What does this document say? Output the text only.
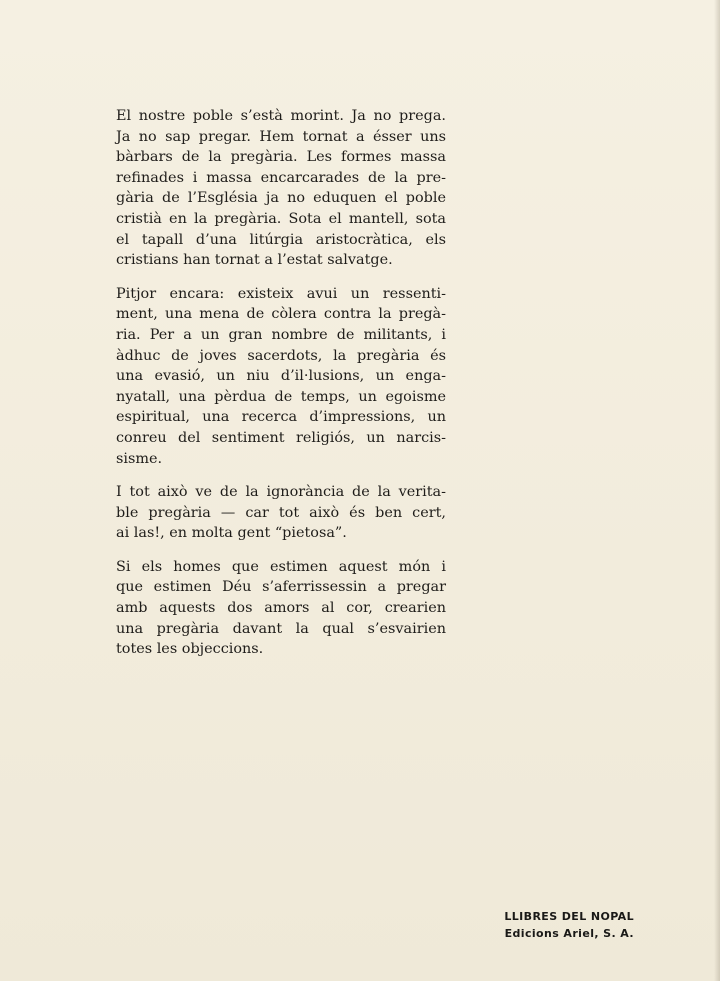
El nostre poble s’està morint. Ja no prega.
Ja no sap pregar. Hem tornat a ésser uns
bàrbars de la pregària. Les formes massa
refinades i massa encarcarades de la pre-
gària de l’Església ja no eduquen el poble
cristià en la pregària. Sota el mantell, sota
el tapall d’una litúrgia aristocràtica, els
cristians han tornat a l’estat salvatge.

Pitjor encara: existeix avui un ressenti-
ment, una mena de còlera contra la pregà-
ria. Per a un gran nombre de militants, i
àdhuc de joves sacerdots, la pregària és
una evasió, un niu d’il·lusions, un enga-
nyatall, una pèrdua de temps, un egoisme
espiritual, una recerca d’impressions, un
conreu del sentiment religiós, un narcis-
sisme.

I tot això ve de la ignorància de la verita-
ble pregària — car tot això és ben cert,
ai las!, en molta gent “pietosa”.

Si els homes que estimen aquest món i
que estimen Déu s’aferrissessin a pregar
amb aquests dos amors al cor, crearien
una pregària davant la qual s’esvairien
totes les objeccions.

LLIBRES DEL NOPAL
Edicions Ariel, S. A.
